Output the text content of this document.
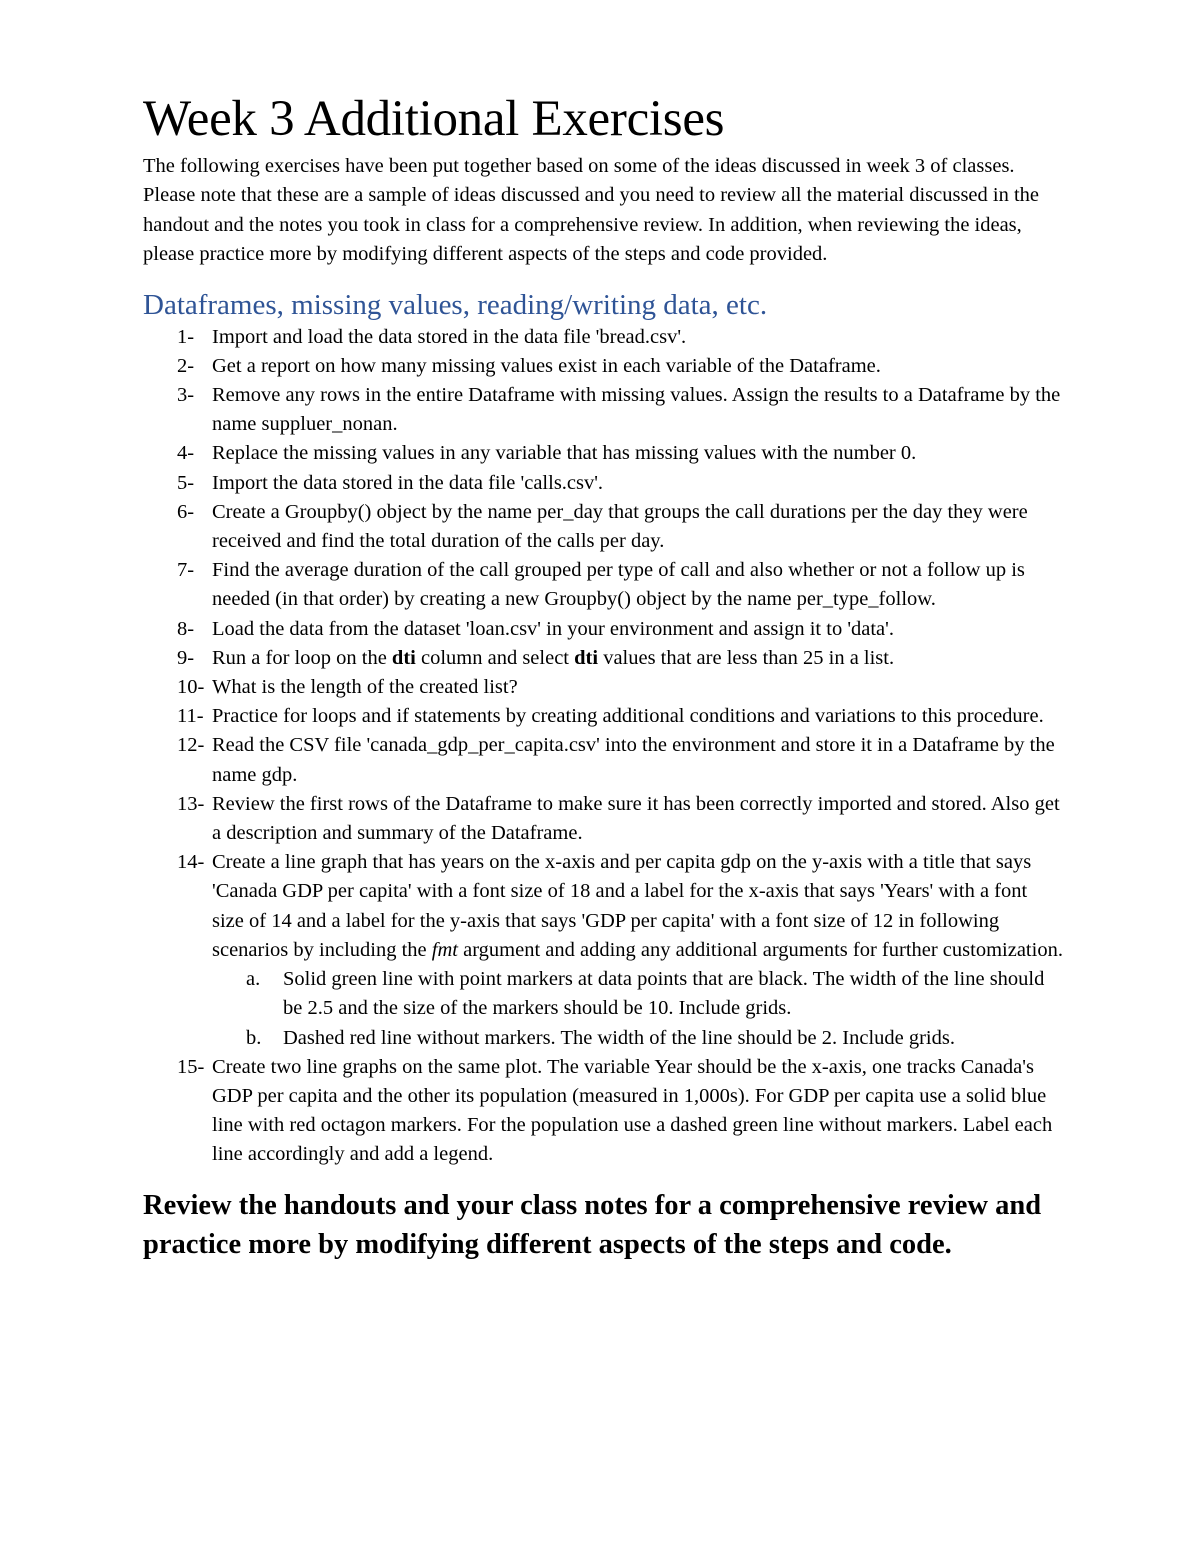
Week 3 Additional Exercises

The following exercises have been put together based on some of the ideas discussed in week 3 of classes. Please note that these are a sample of ideas discussed and you need to review all the material discussed in the handout and the notes you took in class for a comprehensive review. In addition, when reviewing the ideas, please practice more by modifying different aspects of the steps and code provided.

Dataframes, missing values, reading/writing data, etc.
1- Import and load the data stored in the data file 'bread.csv'.
2- Get a report on how many missing values exist in each variable of the Dataframe.
3- Remove any rows in the entire Dataframe with missing values. Assign the results to a Dataframe by the name suppluer_nonan.
4- Replace the missing values in any variable that has missing values with the number 0.
5- Import the data stored in the data file 'calls.csv'.
6- Create a Groupby() object by the name per_day that groups the call durations per the day they were received and find the total duration of the calls per day.
7- Find the average duration of the call grouped per type of call and also whether or not a follow up is needed (in that order) by creating a new Groupby() object by the name per_type_follow.
8- Load the data from the dataset 'loan.csv' in your environment and assign it to 'data'.
9- Run a for loop on the dti column and select dti values that are less than 25 in a list.
10- What is the length of the created list?
11- Practice for loops and if statements by creating additional conditions and variations to this procedure.
12- Read the CSV file 'canada_gdp_per_capita.csv' into the environment and store it in a Dataframe by the name gdp.
13- Review the first rows of the Dataframe to make sure it has been correctly imported and stored. Also get a description and summary of the Dataframe.
14- Create a line graph that has years on the x-axis and per capita gdp on the y-axis with a title that says 'Canada GDP per capita' with a font size of 18 and a label for the x-axis that says 'Years' with a font size of 14 and a label for the y-axis that says 'GDP per capita' with a font size of 12 in following scenarios by including the fmt argument and adding any additional arguments for further customization.
a. Solid green line with point markers at data points that are black. The width of the line should be 2.5 and the size of the markers should be 10. Include grids.
b. Dashed red line without markers. The width of the line should be 2. Include grids.
15- Create two line graphs on the same plot. The variable Year should be the x-axis, one tracks Canada's GDP per capita and the other its population (measured in 1,000s). For GDP per capita use a solid blue line with red octagon markers. For the population use a dashed green line without markers. Label each line accordingly and add a legend.

Review the handouts and your class notes for a comprehensive review and practice more by modifying different aspects of the steps and code.
